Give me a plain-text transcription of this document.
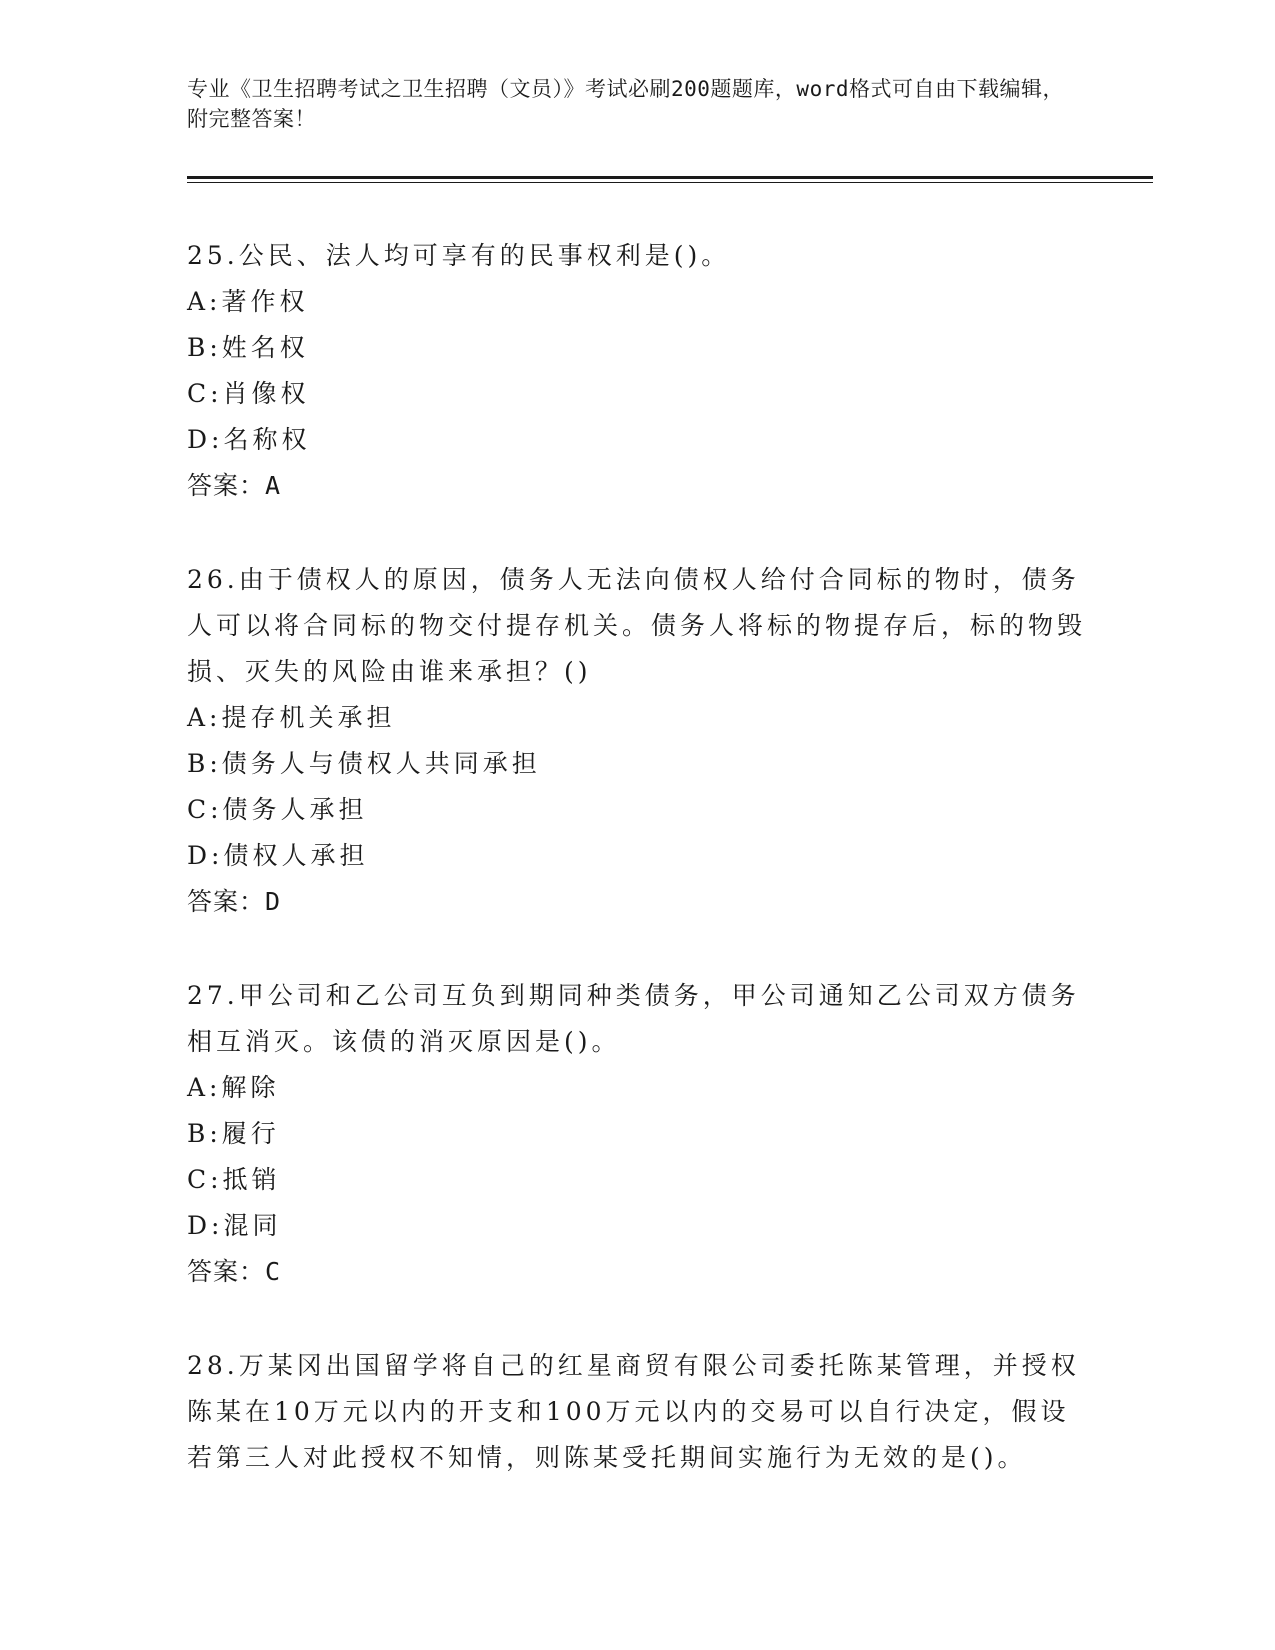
专业《卫生招聘考试之卫生招聘（文员）》考试必刷200题题库，word格式可自由下载编辑，附完整答案！
25.公民、法人均可享有的民事权利是()。
A:著作权
B:姓名权
C:肖像权
D:名称权
答案：A
26.由于债权人的原因，债务人无法向债权人给付合同标的物时，债务人可以将合同标的物交付提存机关。债务人将标的物提存后，标的物毁损、灭失的风险由谁来承担？()
A:提存机关承担
B:债务人与债权人共同承担
C:债务人承担
D:债权人承担
答案：D
27.甲公司和乙公司互负到期同种类债务，甲公司通知乙公司双方债务相互消灭。该债的消灭原因是()。
A:解除
B:履行
C:抵销
D:混同
答案：C
28.万某冈出国留学将自己的红星商贸有限公司委托陈某管理，并授权陈某在10万元以内的开支和100万元以内的交易可以自行决定，假设若第三人对此授权不知情，则陈某受托期间实施行为无效的是()。
